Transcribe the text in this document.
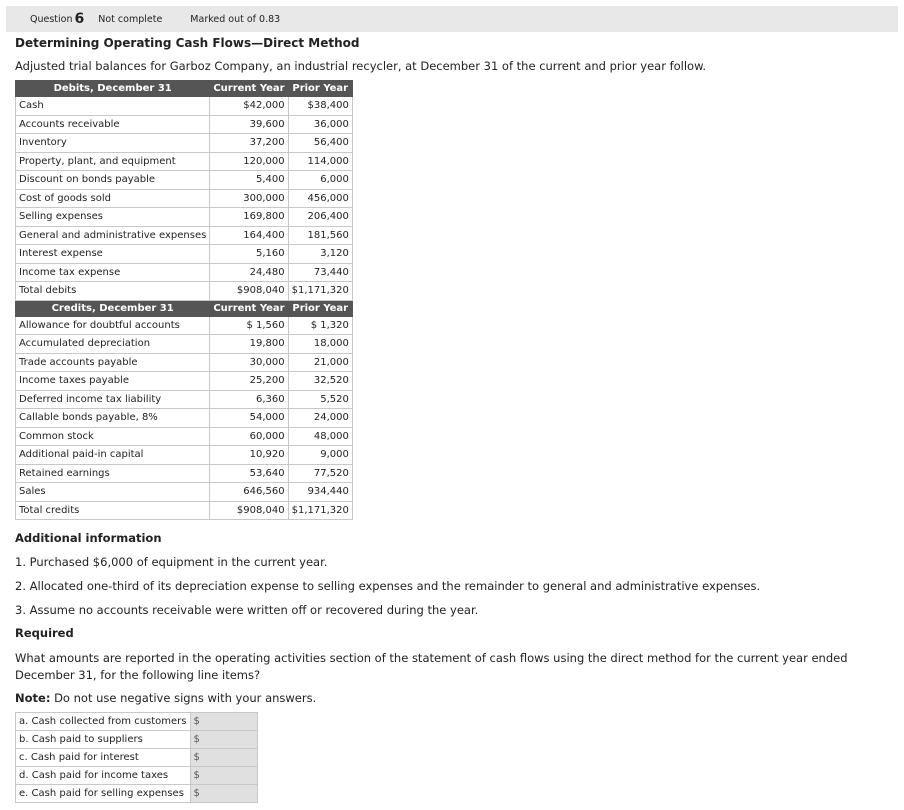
Question 6 Not complete	Marked out of 0.83
Determining Operating Cash Flows—Direct Method
Adjusted trial balances for Garboz Company, an industrial recycler, at December 31 of the current and prior year follow.
Debits, December 31	Current Year	Prior Year
Cash	$42,000	$38,400
Accounts receivable	39,600	36,000
Inventory	37,200	56,400
Property, plant, and equipment	120,000	114,000
Discount on bonds payable	5,400	6,000
Cost of goods sold	300,000	456,000
Selling expenses	169,800	206,400
General and administrative expenses	164,400	181,560
Interest expense	5,160	3,120
Income tax expense	24,480	73,440
Total debits	$908,040	$1,171,320
Credits, December 31	Current Year	Prior Year
Allowance for doubtful accounts	$ 1,560	$ 1,320
Accumulated depreciation	19,800	18,000
Trade accounts payable	30,000	21,000
Income taxes payable	25,200	32,520
Deferred income tax liability	6,360	5,520
Callable bonds payable, 8%	54,000	24,000
Common stock	60,000	48,000
Additional paid-in capital	10,920	9,000
Retained earnings	53,640	77,520
Sales	646,560	934,440
Total credits	$908,040	$1,171,320
Additional information
1. Purchased $6,000 of equipment in the current year.
2. Allocated one-third of its depreciation expense to selling expenses and the remainder to general and administrative expenses.
3. Assume no accounts receivable were written off or recovered during the year.
Required
What amounts are reported in the operating activities section of the statement of cash flows using the direct method for the current year ended December 31, for the following line items?
Note: Do not use negative signs with your answers.
a. Cash collected from customers	$
b. Cash paid to suppliers	$
c. Cash paid for interest	$
d. Cash paid for income taxes	$
e. Cash paid for selling expenses	$
